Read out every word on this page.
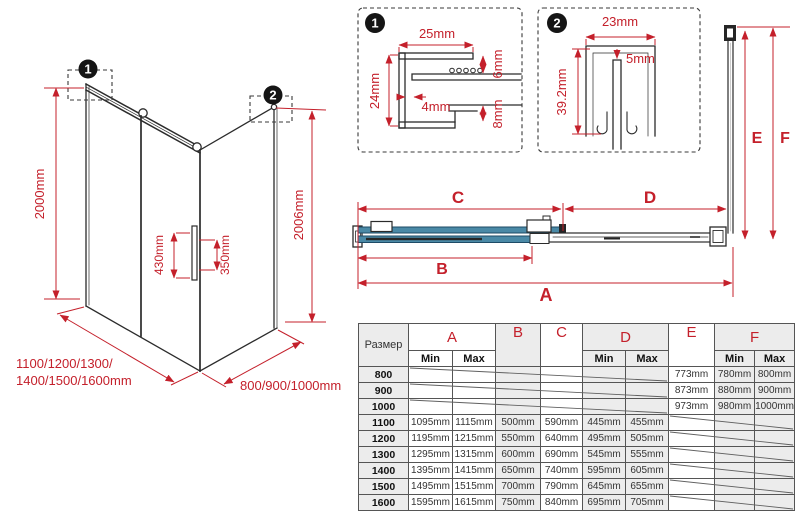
1
2
2000mm	2006mm
430mm	350mm
1100/1200/1300/
1400/1500/1600mm	800/900/1000mm
1
25mm
24mm
6mm
8mm
4mm
2	23mm
5mm
39.2mm
C	D
B
A
E F
Размер	A		B	C	D		E	F	
	Min	Max			Min	Max		Min	Max
800							773mm	780mm	800mm
900							873mm	880mm	900mm
1000							973mm	980mm	1000mm
1100	1095mm	1115mm	500mm	590mm	445mm	455mm			
1200	1195mm	1215mm	550mm	640mm	495mm	505mm			
1300	1295mm	1315mm	600mm	690mm	545mm	555mm			
1400	1395mm	1415mm	650mm	740mm	595mm	605mm			
1500	1495mm	1515mm	700mm	790mm	645mm	655mm			
1600	1595mm	1615mm	750mm	840mm	695mm	705mm			
